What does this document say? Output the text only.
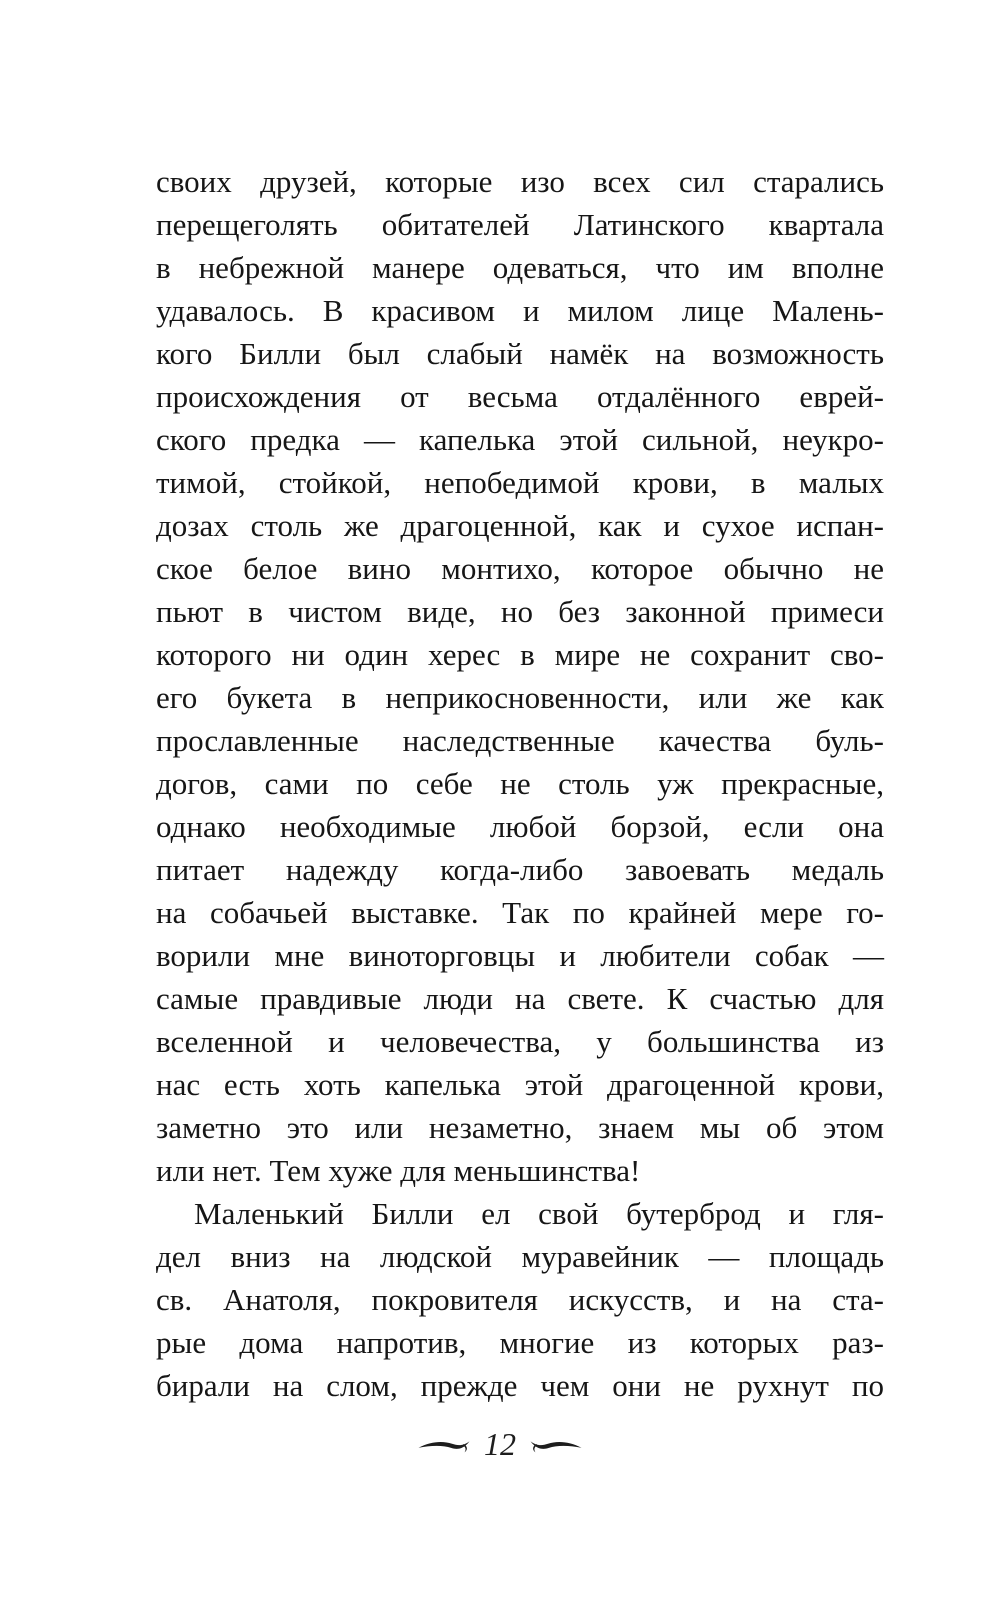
своих друзей, которые изо всех сил старались
перещеголять обитателей Латинского квартала
в небрежной манере одеваться, что им вполне
удавалось. В красивом и милом лице Малень-
кого Билли был слабый намёк на возможность
происхождения от весьма отдалённого еврей-
ского предка — капелька этой сильной, неукро-
тимой, стойкой, непобедимой крови, в малых
дозах столь же драгоценной, как и сухое испан-
ское белое вино монтихо, которое обычно не
пьют в чистом виде, но без законной примеси
которого ни один херес в мире не сохранит сво-
его букета в неприкосновенности, или же как
прославленные наследственные качества буль-
догов, сами по себе не столь уж прекрасные,
однако необходимые любой борзой, если она
питает надежду когда-либо завоевать медаль
на собачьей выставке. Так по крайней мере го-
ворили мне виноторговцы и любители собак —
самые правдивые люди на свете. К счастью для
вселенной и человечества, у большинства из
нас есть хоть капелька этой драгоценной крови,
заметно это или незаметно, знаем мы об этом
или нет. Тем хуже для меньшинства!
Маленький Билли ел свой бутерброд и гля-
дел вниз на людской муравейник — площадь
св. Анатоля, покровителя искусств, и на ста-
рые дома напротив, многие из которых раз-
бирали на слом, прежде чем они не рухнут по
12
